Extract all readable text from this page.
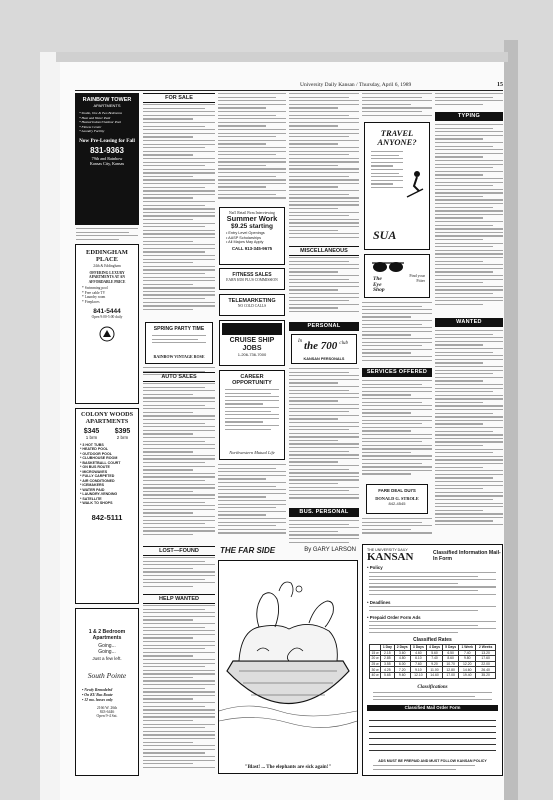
University Daily Kansan / Thursday, April 6, 1989	15
RAINBOW TOWER
APARTMENTS
* Studio, One & Two Bedrooms
* Heat and Water Paid
* Heated Indoor/Outdoor Pool
* Fitness Center
* Laundry Facility
Now Pre-Leasing for Fall
831-9363
79th and Rainbow
Kansas City, Kansas
EDDINGHAM PLACE
24th & Eddingham
OFFERING LUXURY APARTMENTS AT AN AFFORDABLE PRICE
* Swimming pool
* Free cable TV
* Laundry room
* Fireplaces
841-5444
Open 9:00-5:00 daily
COLONY WOODS APARTMENTS
$345 $395
1 brm	2 brm
* 3 HOT TUBS
* HEATED POOL
* OUTDOOR POOL
* CLUBHOUSE ROOM
* BASKETBALL COURT
* ON BUS ROUTE
* MICROWAVES
* FULLY CARPETED
* AIR CONDITIONED
* ICEMAKERS
* WATER PAID
* LAUNDRY-VENDING
* SATELLITE
* WALK TO SHOPS
842-5111
1 & 2 Bedroom
Apartments
Going...
Going...
Just a few left.
South Pointe
• Newly Remodeled
• On KU Bus Route
• 12 mo. leases only
2166 W. 26th
843-6446
Open 9-4 Sat.
FOR SALE
SPRING PARTY TIME
RAINBOW VINTAGE ROSE
AUTO SALES
LOST—FOUND
HELP WANTED
Nat'l Retail Firm Interviewing
Summer Work
$9.25 starting
• Entry Level Openings
• AASP Scholarships
• All Majors May Apply
CALL 913-345-9675
FITNESS SALES
EARN $350 PLUS COMMISSION
TELEMARKETING
NO COLD CALLS
CRUISE SHIP
JOBS
1-206-736-7000
CAREER OPPORTUNITY
Northwestern Mutual Life
MISCELLANEOUS
PERSONAL
In the 700 club
KANSAN PERSONALS
BUS. PERSONAL
TRAVEL ANYONE?
SUA
The
Eye
Shop
Find your
Fitter
SERVICES OFFERED
FARE DEAL DUI'S
DONALD G. STROLE
842-4545
TYPING
WANTED
THE FAR SIDE	By GARY LARSON
"Blast! ... The elephants are sick again!"
THE UNIVERSITY DAILY
KANSAN	Classified Information Mail-In Form
• Policy
• Deadlines
• Prepaid Order Form Ads
Classified Rates
	1 Day	2 Days	3 Days	4 Days	5 Days	1 Week	2 Weeks
15 w	2.15	3.60	4.60	5.60	6.50	7.40	13.20
20 w	2.85	4.80	6.10	7.40	8.60	9.80	17.60
25 w	3.55	6.00	7.60	9.20	10.70	12.20	22.00
30 w	4.25	7.20	9.10	11.00	12.80	14.60	26.40
40 w	5.65	9.60	12.10	14.60	17.00	19.40	35.20
Classifications
Classified Mail Order Form
ADS MUST BE PREPAID AND MUST FOLLOW KANSAN POLICY
